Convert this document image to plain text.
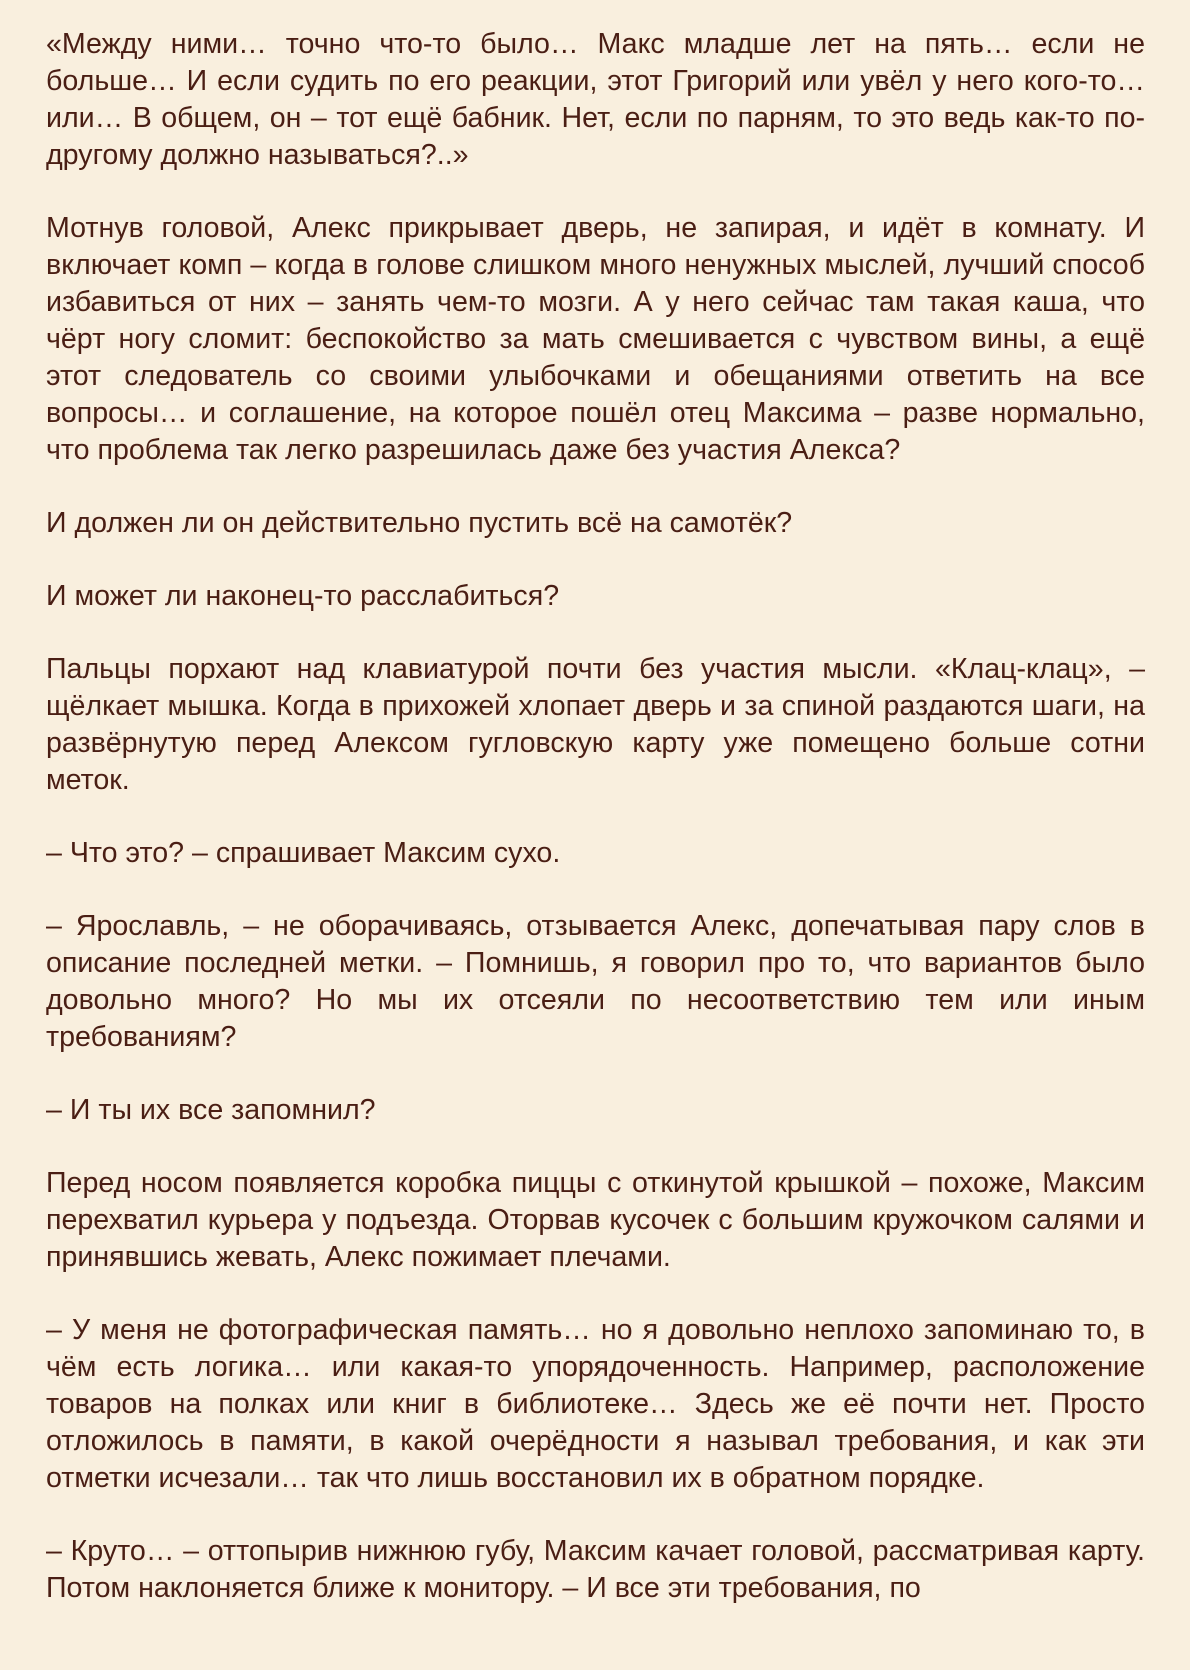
«Между ними… точно что-то было… Макс младше лет на пять… если не больше… И если судить по его реакции, этот Григорий или увёл у него кого-то… или… В общем, он – тот ещё бабник. Нет, если по парням, то это ведь как-то по-другому должно называться?..»

Мотнув головой, Алекс прикрывает дверь, не запирая, и идёт в комнату. И включает комп – когда в голове слишком много ненужных мыслей, лучший способ избавиться от них – занять чем-то мозги. А у него сейчас там такая каша, что чёрт ногу сломит: беспокойство за мать смешивается с чувством вины, а ещё этот следователь со своими улыбочками и обещаниями ответить на все вопросы… и соглашение, на которое пошёл отец Максима – разве нормально, что проблема так легко разрешилась даже без участия Алекса?

И должен ли он действительно пустить всё на самотёк?

И может ли наконец-то расслабиться?

Пальцы порхают над клавиатурой почти без участия мысли. «Клац-клац», – щёлкает мышка. Когда в прихожей хлопает дверь и за спиной раздаются шаги, на развёрнутую перед Алексом гугловскую карту уже помещено больше сотни меток.

– Что это? – спрашивает Максим сухо.

– Ярославль, – не оборачиваясь, отзывается Алекс, допечатывая пару слов в описание последней метки. – Помнишь, я говорил про то, что вариантов было довольно много? Но мы их отсеяли по несоответствию тем или иным требованиям?

– И ты их все запомнил?

Перед носом появляется коробка пиццы с откинутой крышкой – похоже, Максим перехватил курьера у подъезда. Оторвав кусочек с большим кружочком салями и принявшись жевать, Алекс пожимает плечами.

– У меня не фотографическая память… но я довольно неплохо запоминаю то, в чём есть логика… или какая-то упорядоченность. Например, расположение товаров на полках или книг в библиотеке… Здесь же её почти нет. Просто отложилось в памяти, в какой очерёдности я называл требования, и как эти отметки исчезали… так что лишь восстановил их в обратном порядке.

– Круто… – оттопырив нижнюю губу, Максим качает головой, рассматривая карту. Потом наклоняется ближе к монитору. – И все эти требования, по
